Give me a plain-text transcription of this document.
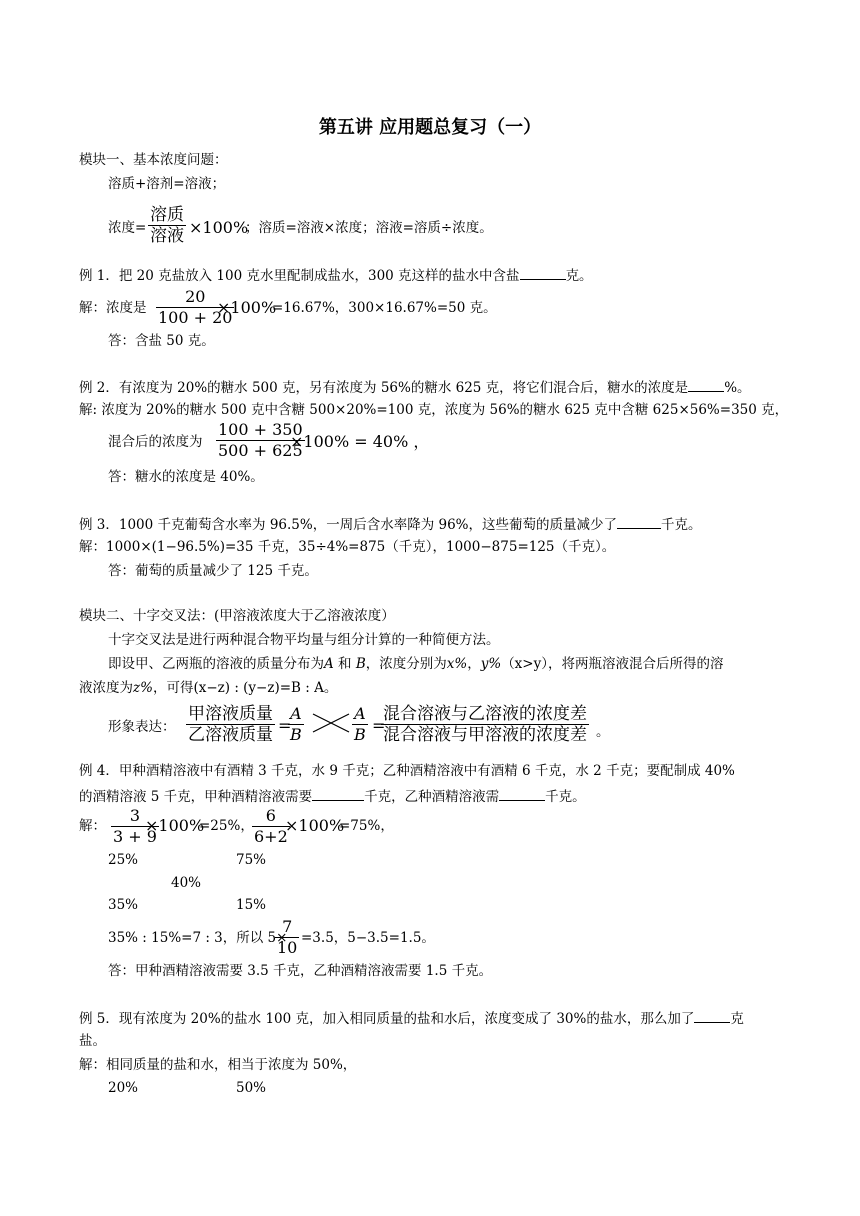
第五讲 应用题总复习（一）
模块一、基本浓度问题：
溶质+溶剂=溶液；
浓度=
溶质
溶液 ×100%
；溶质=溶液×浓度；溶液=溶质÷浓度。
例 1．把 20 克盐放入 100 克水里配制成盐水，300 克这样的盐水中含盐	克。
解：浓度是 $\frac{20}{100 + 20}$
×100%
=16.67%，300×16.67%=50 克。
答：含盐 50 克。
例 2．有浓度为 20%的糖水 500 克，另有浓度为 56%的糖水 625 克，将它们混合后，糖水的浓度是	%。
解: 浓度为 20%的糖水 500 克中含糖 500×20%=100 克，浓度为 56%的糖水 625 克中含糖 625×56%=350 克，
混合后的浓度为 $\frac{100 + 350}{500 + 625}$
×100% = 40% ，
答：糖水的浓度是 40%。
例 3．1000 千克葡萄含水率为 96.5%，一周后含水率降为 96%，这些葡萄的质量减少了	千克。
解：1000×(1−96.5%)=35 千克，35÷4%=875（千克），1000−875=125（千克）。
答：葡萄的质量减少了 125 千克。
模块二、十字交叉法：(甲溶液浓度大于乙溶液浓度）
十字交叉法是进行两种混合物平均量与组分计算的一种简便方法。
即设甲、乙两瓶的溶液的质量分布为A 和 B，浓度分别为x%，y%（x>y），将两瓶溶液混合后所得的溶
液浓度为z%，可得(x−z) : (y−z)=B : A。
形象表达：
甲溶液质量
乙溶液质量 =
$\frac{A}{B}$	$\frac{A}{B}$ =
混合溶液与乙溶液的浓度差
混合溶液与甲溶液的浓度差 。
例 4．甲种酒精溶液中有酒精 3 千克，水 9 千克；乙种酒精溶液中有酒精 6 千克，水 2 千克；要配制成 40%
的酒精溶液 5 千克，甲种酒精溶液需要	千克，乙种酒精溶液需	千克。
解： $\frac{3}{3 + 9}$
×100%
=25%，
$\frac{6}{6+2}$
×100%
=75%，
25%	75%
40%
35%	15%
35% : 15%=7 : 3，所以 5×
$\frac{7}{10} =3.5$，5−3.5=1.5。
答：甲种酒精溶液需要 3.5 千克，乙种酒精溶液需要 1.5 千克。
例 5．现有浓度为 20%的盐水 100 克，加入相同质量的盐和水后，浓度变成了 30%的盐水，那么加了	克
盐。
解：相同质量的盐和水，相当于浓度为 50%，
20%	50%
